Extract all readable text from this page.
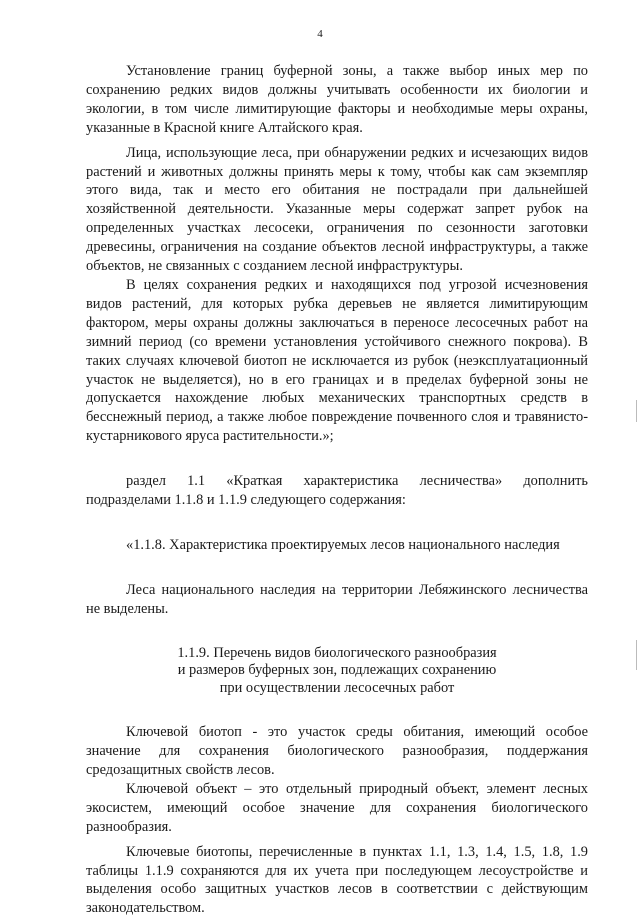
4

Установление границ буферной зоны, а также выбор иных мер по сохранению редких видов должны учитывать особенности их биологии и экологии, в том числе лимитирующие факторы и необходимые меры охраны, указанные в Красной книге Алтайского края.

Лица, использующие леса, при обнаружении редких и исчезающих видов растений и животных должны принять меры к тому, чтобы как сам экземпляр этого вида, так и место его обитания не пострадали при дальнейшей хозяйственной деятельности. Указанные меры содержат запрет рубок на определенных участках лесосеки, ограничения по сезонности заготовки древесины, ограничения на создание объектов лесной инфраструктуры, а также объектов, не связанных с созданием лесной инфраструктуры.

В целях сохранения редких и находящихся под угрозой исчезновения видов растений, для которых рубка деревьев не является лимитирующим фактором, меры охраны должны заключаться в переносе лесосечных работ на зимний период (со времени установления устойчивого снежного покрова). В таких случаях ключевой биотоп не исключается из рубок (неэксплуатационный участок не выделяется), но в его границах и в пределах буферной зоны не допускается нахождение любых механических транспортных средств в бесснежный период, а также любое повреждение почвенного слоя и травянисто-кустарникового яруса растительности.»;

раздел 1.1 «Краткая характеристика лесничества» дополнить подразделами 1.1.8 и 1.1.9 следующего содержания:

«1.1.8. Характеристика проектируемых лесов национального наследия

Леса национального наследия на территории Лебяжинского лесничества не выделены.

1.1.9. Перечень видов биологического разнообразия
и размеров буферных зон, подлежащих сохранению
при осуществлении лесосечных работ

Ключевой биотоп - это участок среды обитания, имеющий особое значение для сохранения биологического разнообразия, поддержания средозащитных свойств лесов.

Ключевой объект – это отдельный природный объект, элемент лесных экосистем, имеющий особое значение для сохранения биологического разнообразия.

Ключевые биотопы, перечисленные в пунктах 1.1, 1.3, 1.4, 1.5, 1.8, 1.9 таблицы 1.1.9 сохраняются для их учета при последующем лесоустройстве и выделения особо защитных участков лесов в соответствии с действующим законодательством.
